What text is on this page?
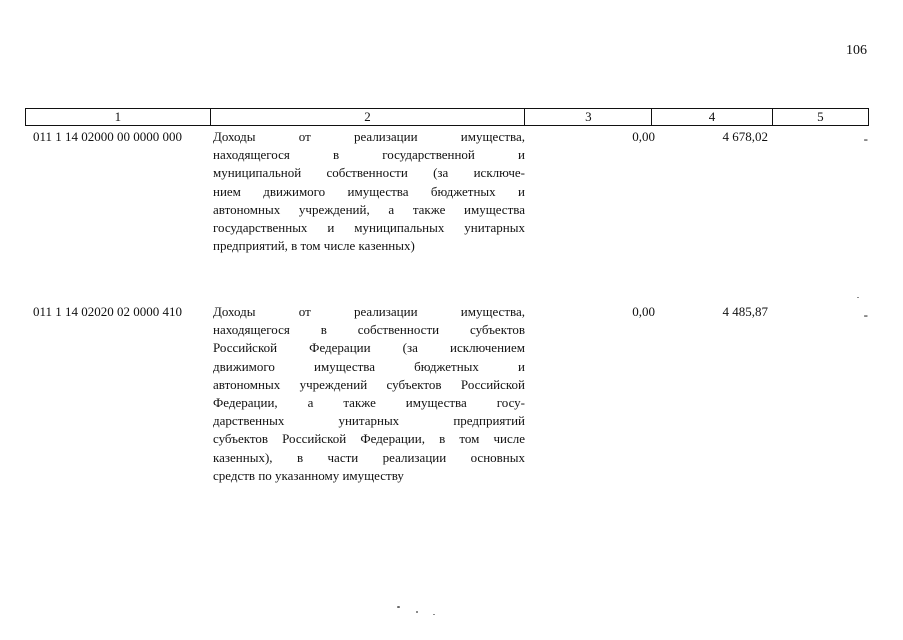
106
1	2	3	4	5
011 1 14 02000 00 0000 000 Доходы от реализации имущества,
находящегося в государственной и
муниципальной собственности (за исключе-
нием движимого имущества бюджетных и
автономных учреждений, а также имущества
государственных и муниципальных унитарных
предприятий, в том числе казенных)
0,00	4 678,02	-
011 1 14 02020 02 0000 410 Доходы от реализации имущества,
находящегося в собственности субъектов
Российской Федерации (за исключением
движимого имущества бюджетных и
автономных учреждений субъектов Российской
Федерации, а также имущества госу-
дарственных унитарных предприятий
субъектов Российской Федерации, в том числе
казенных), в части реализации основных
средств по указанному имуществу
0,00	4 485,87	-
